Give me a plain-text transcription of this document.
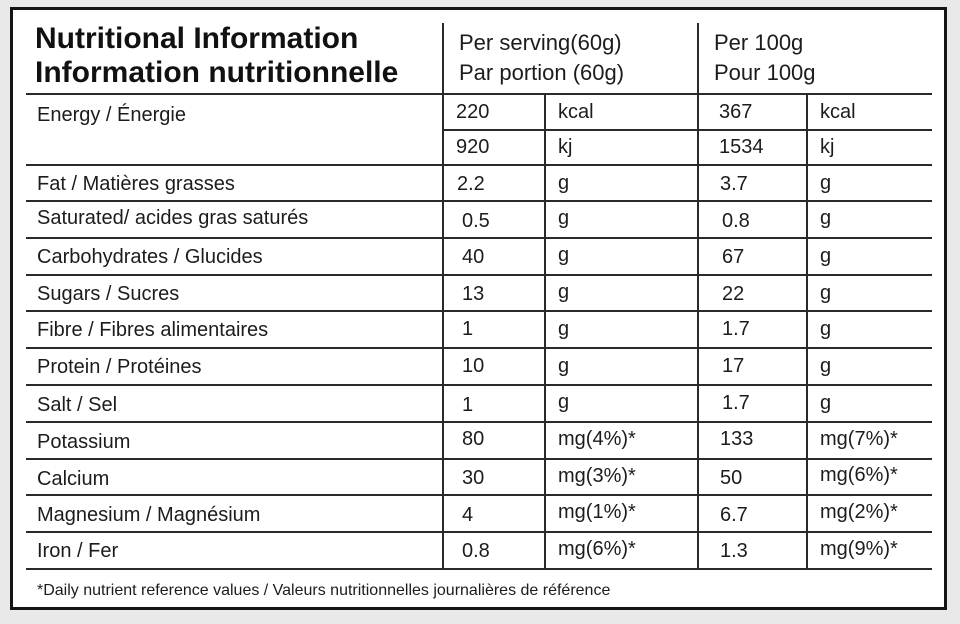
Nutritional Information
Information nutritionnelle
Per serving(60g)
Par portion (60g)
Per 100g
Pour 100g
Energy / Énergie	220	kcal	367	kcal
920	kj	1534	kj
Fat / Matières grasses	2.2	g	3.7	g
Saturated/ acides gras saturés	0.5	g	0.8	g
Carbohydrates / Glucides	40	g	67	g
Sugars / Sucres	13	g	22	g
Fibre / Fibres alimentaires	1	g	1.7	g
Protein / Protéines	10	g	17	g
Salt / Sel	1	g	1.7	g
Potassium	80	mg(4%)*	133	mg(7%)*
Calcium	30	mg(3%)*	50	mg(6%)*
Magnesium / Magnésium	4	mg(1%)*	6.7	mg(2%)*
Iron / Fer	0.8	mg(6%)*	1.3	mg(9%)*
*Daily nutrient reference values / Valeurs nutritionnelles journalières de référence
